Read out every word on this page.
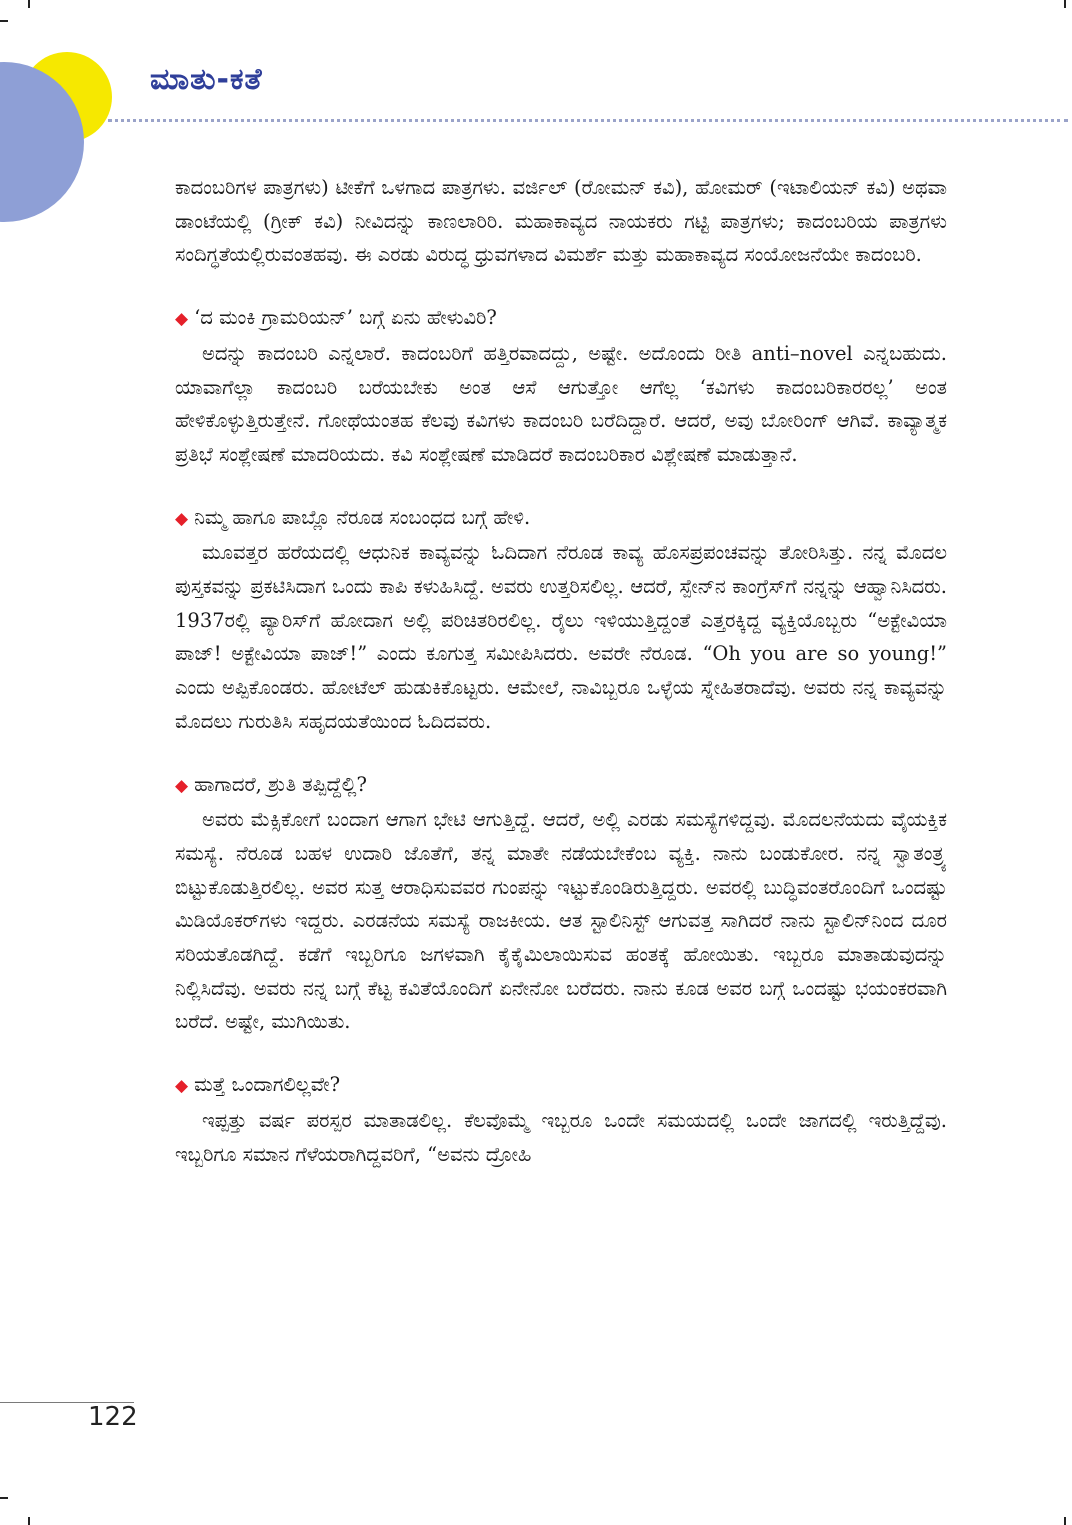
ಮಾತು-ಕತೆ

ಕಾದಂಬರಿಗಳ ಪಾತ್ರಗಳು) ಟೀಕೆಗೆ ಒಳಗಾದ ಪಾತ್ರಗಳು. ವರ್ಜಿಲ್ (ರೋಮನ್ ಕವಿ), ಹೋಮರ್ (ಇಟಾಲಿಯನ್ ಕವಿ) ಅಥವಾ ಡಾಂಟೆಯಲ್ಲಿ (ಗ್ರೀಕ್ ಕವಿ) ನೀವಿದನ್ನು ಕಾಣಲಾರಿರಿ. ಮಹಾಕಾವ್ಯದ ನಾಯಕರು ಗಟ್ಟಿ ಪಾತ್ರಗಳು; ಕಾದಂಬರಿಯ ಪಾತ್ರಗಳು ಸಂದಿಗ್ಧತೆಯಲ್ಲಿರುವಂತಹವು. ಈ ಎರಡು ವಿರುದ್ಧ ಧ್ರುವಗಳಾದ ವಿಮರ್ಶೆ ಮತ್ತು ಮಹಾಕಾವ್ಯದ ಸಂಯೋಜನೆಯೇ ಕಾದಂಬರಿ.

◆ ‘ದ ಮಂಕಿ ಗ್ರಾಮರಿಯನ್’ ಬಗ್ಗೆ ಏನು ಹೇಳುವಿರಿ?

ಅದನ್ನು ಕಾದಂಬರಿ ಎನ್ನಲಾರೆ. ಕಾದಂಬರಿಗೆ ಹತ್ತಿರವಾದದ್ದು, ಅಷ್ಟೇ. ಅದೊಂದು ರೀತಿ anti–novel ಎನ್ನಬಹುದು. ಯಾವಾಗೆಲ್ಲಾ ಕಾದಂಬರಿ ಬರೆಯಬೇಕು ಅಂತ ಆಸೆ ಆಗುತ್ತೋ ಆಗೆಲ್ಲ ‘ಕವಿಗಳು ಕಾದಂಬರಿಕಾರರಲ್ಲ’ ಅಂತ ಹೇಳಿಕೊಳ್ಳುತ್ತಿರುತ್ತೇನೆ. ಗೋಥೆಯಂತಹ ಕೆಲವು ಕವಿಗಳು ಕಾದಂಬರಿ ಬರೆದಿದ್ದಾರೆ. ಆದರೆ, ಅವು ಬೋರಿಂಗ್ ಆಗಿವೆ. ಕಾವ್ಯಾತ್ಮಕ ಪ್ರತಿಭೆ ಸಂಶ್ಲೇಷಣೆ ಮಾದರಿಯದು. ಕವಿ ಸಂಶ್ಲೇಷಣೆ ಮಾಡಿದರೆ ಕಾದಂಬರಿಕಾರ ವಿಶ್ಲೇಷಣೆ ಮಾಡುತ್ತಾನೆ.

◆ ನಿಮ್ಮ ಹಾಗೂ ಪಾಬ್ಲೊ ನೆರೂಡ ಸಂಬಂಧದ ಬಗ್ಗೆ ಹೇಳಿ.

ಮೂವತ್ತರ ಹರೆಯದಲ್ಲಿ ಆಧುನಿಕ ಕಾವ್ಯವನ್ನು ಓದಿದಾಗ ನೆರೂಡ ಕಾವ್ಯ ಹೊಸಪ್ರಪಂಚವನ್ನು ತೋರಿಸಿತ್ತು. ನನ್ನ ಮೊದಲ ಪುಸ್ತಕವನ್ನು ಪ್ರಕಟಿಸಿದಾಗ ಒಂದು ಕಾಪಿ ಕಳುಹಿಸಿದ್ದೆ. ಅವರು ಉತ್ತರಿಸಲಿಲ್ಲ. ಆದರೆ, ಸ್ಪೇನ್‌ನ ಕಾಂಗ್ರೆಸ್‌ಗೆ ನನ್ನನ್ನು ಆಹ್ವಾನಿಸಿದರು. 1937ರಲ್ಲಿ ಪ್ಯಾರಿಸ್‌ಗೆ ಹೋದಾಗ ಅಲ್ಲಿ ಪರಿಚಿತರಿರಲಿಲ್ಲ. ರೈಲು ಇಳಿಯುತ್ತಿದ್ದಂತೆ ಎತ್ತರಕ್ಕಿದ್ದ ವ್ಯಕ್ತಿಯೊಬ್ಬರು “ಅಕ್ಟೇವಿಯಾ ಪಾಜ್! ಅಕ್ಟೇವಿಯಾ ಪಾಜ್!” ಎಂದು ಕೂಗುತ್ತ ಸಮೀಪಿಸಿದರು. ಅವರೇ ನೆರೂಡ. “Oh you are so young!” ಎಂದು ಅಪ್ಪಿಕೊಂಡರು. ಹೋಟೆಲ್ ಹುಡುಕಿಕೊಟ್ಟರು. ಆಮೇಲೆ, ನಾವಿಬ್ಬರೂ ಒಳ್ಳೆಯ ಸ್ನೇಹಿತರಾದೆವು. ಅವರು ನನ್ನ ಕಾವ್ಯವನ್ನು ಮೊದಲು ಗುರುತಿಸಿ ಸಹೃದಯತೆಯಿಂದ ಓದಿದವರು.

◆ ಹಾಗಾದರೆ, ಶ್ರುತಿ ತಪ್ಪಿದ್ದೆಲ್ಲಿ?

ಅವರು ಮೆಕ್ಸಿಕೋಗೆ ಬಂದಾಗ ಆಗಾಗ ಭೇಟಿ ಆಗುತ್ತಿದ್ದೆ. ಆದರೆ, ಅಲ್ಲಿ ಎರಡು ಸಮಸ್ಯೆಗಳಿದ್ದವು. ಮೊದಲನೆಯದು ವೈಯಕ್ತಿಕ ಸಮಸ್ಯೆ. ನೆರೂಡ ಬಹಳ ಉದಾರಿ ಜೊತೆಗೆ, ತನ್ನ ಮಾತೇ ನಡೆಯಬೇಕೆಂಬ ವ್ಯಕ್ತಿ. ನಾನು ಬಂಡುಕೋರ. ನನ್ನ ಸ್ವಾತಂತ್ರ್ಯ ಬಿಟ್ಟುಕೊಡುತ್ತಿರಲಿಲ್ಲ. ಅವರ ಸುತ್ತ ಆರಾಧಿಸುವವರ ಗುಂಪನ್ನು ಇಟ್ಟುಕೊಂಡಿರುತ್ತಿದ್ದರು. ಅವರಲ್ಲಿ ಬುದ್ಧಿವಂತರೊಂದಿಗೆ ಒಂದಷ್ಟು ಮಿಡಿಯೊಕರ್‌ಗಳು ಇದ್ದರು. ಎರಡನೆಯ ಸಮಸ್ಯೆ ರಾಜಕೀಯ. ಆತ ಸ್ಟಾಲಿನಿಸ್ಟ್ ಆಗುವತ್ತ ಸಾಗಿದರೆ ನಾನು ಸ್ಟಾಲಿನ್‌ನಿಂದ ದೂರ ಸರಿಯತೊಡಗಿದ್ದೆ. ಕಡೆಗೆ ಇಬ್ಬರಿಗೂ ಜಗಳವಾಗಿ ಕೈಕೈಮಿಲಾಯಿಸುವ ಹಂತಕ್ಕೆ ಹೋಯಿತು. ಇಬ್ಬರೂ ಮಾತಾಡುವುದನ್ನು ನಿಲ್ಲಿಸಿದೆವು. ಅವರು ನನ್ನ ಬಗ್ಗೆ ಕೆಟ್ಟ ಕವಿತೆಯೊಂದಿಗೆ ಏನೇನೋ ಬರೆದರು. ನಾನು ಕೂಡ ಅವರ ಬಗ್ಗೆ ಒಂದಷ್ಟು ಭಯಂಕರವಾಗಿ ಬರೆದೆ. ಅಷ್ಟೇ, ಮುಗಿಯಿತು.

◆ ಮತ್ತೆ ಒಂದಾಗಲಿಲ್ಲವೇ?

ಇಪ್ಪತ್ತು ವರ್ಷ ಪರಸ್ಪರ ಮಾತಾಡಲಿಲ್ಲ. ಕೆಲವೊಮ್ಮೆ ಇಬ್ಬರೂ ಒಂದೇ ಸಮಯದಲ್ಲಿ ಒಂದೇ ಜಾಗದಲ್ಲಿ ಇರುತ್ತಿದ್ದೆವು. ಇಬ್ಬರಿಗೂ ಸಮಾನ ಗೆಳೆಯರಾಗಿದ್ದವರಿಗೆ, “ಅವನು ದ್ರೋಹಿ

122
